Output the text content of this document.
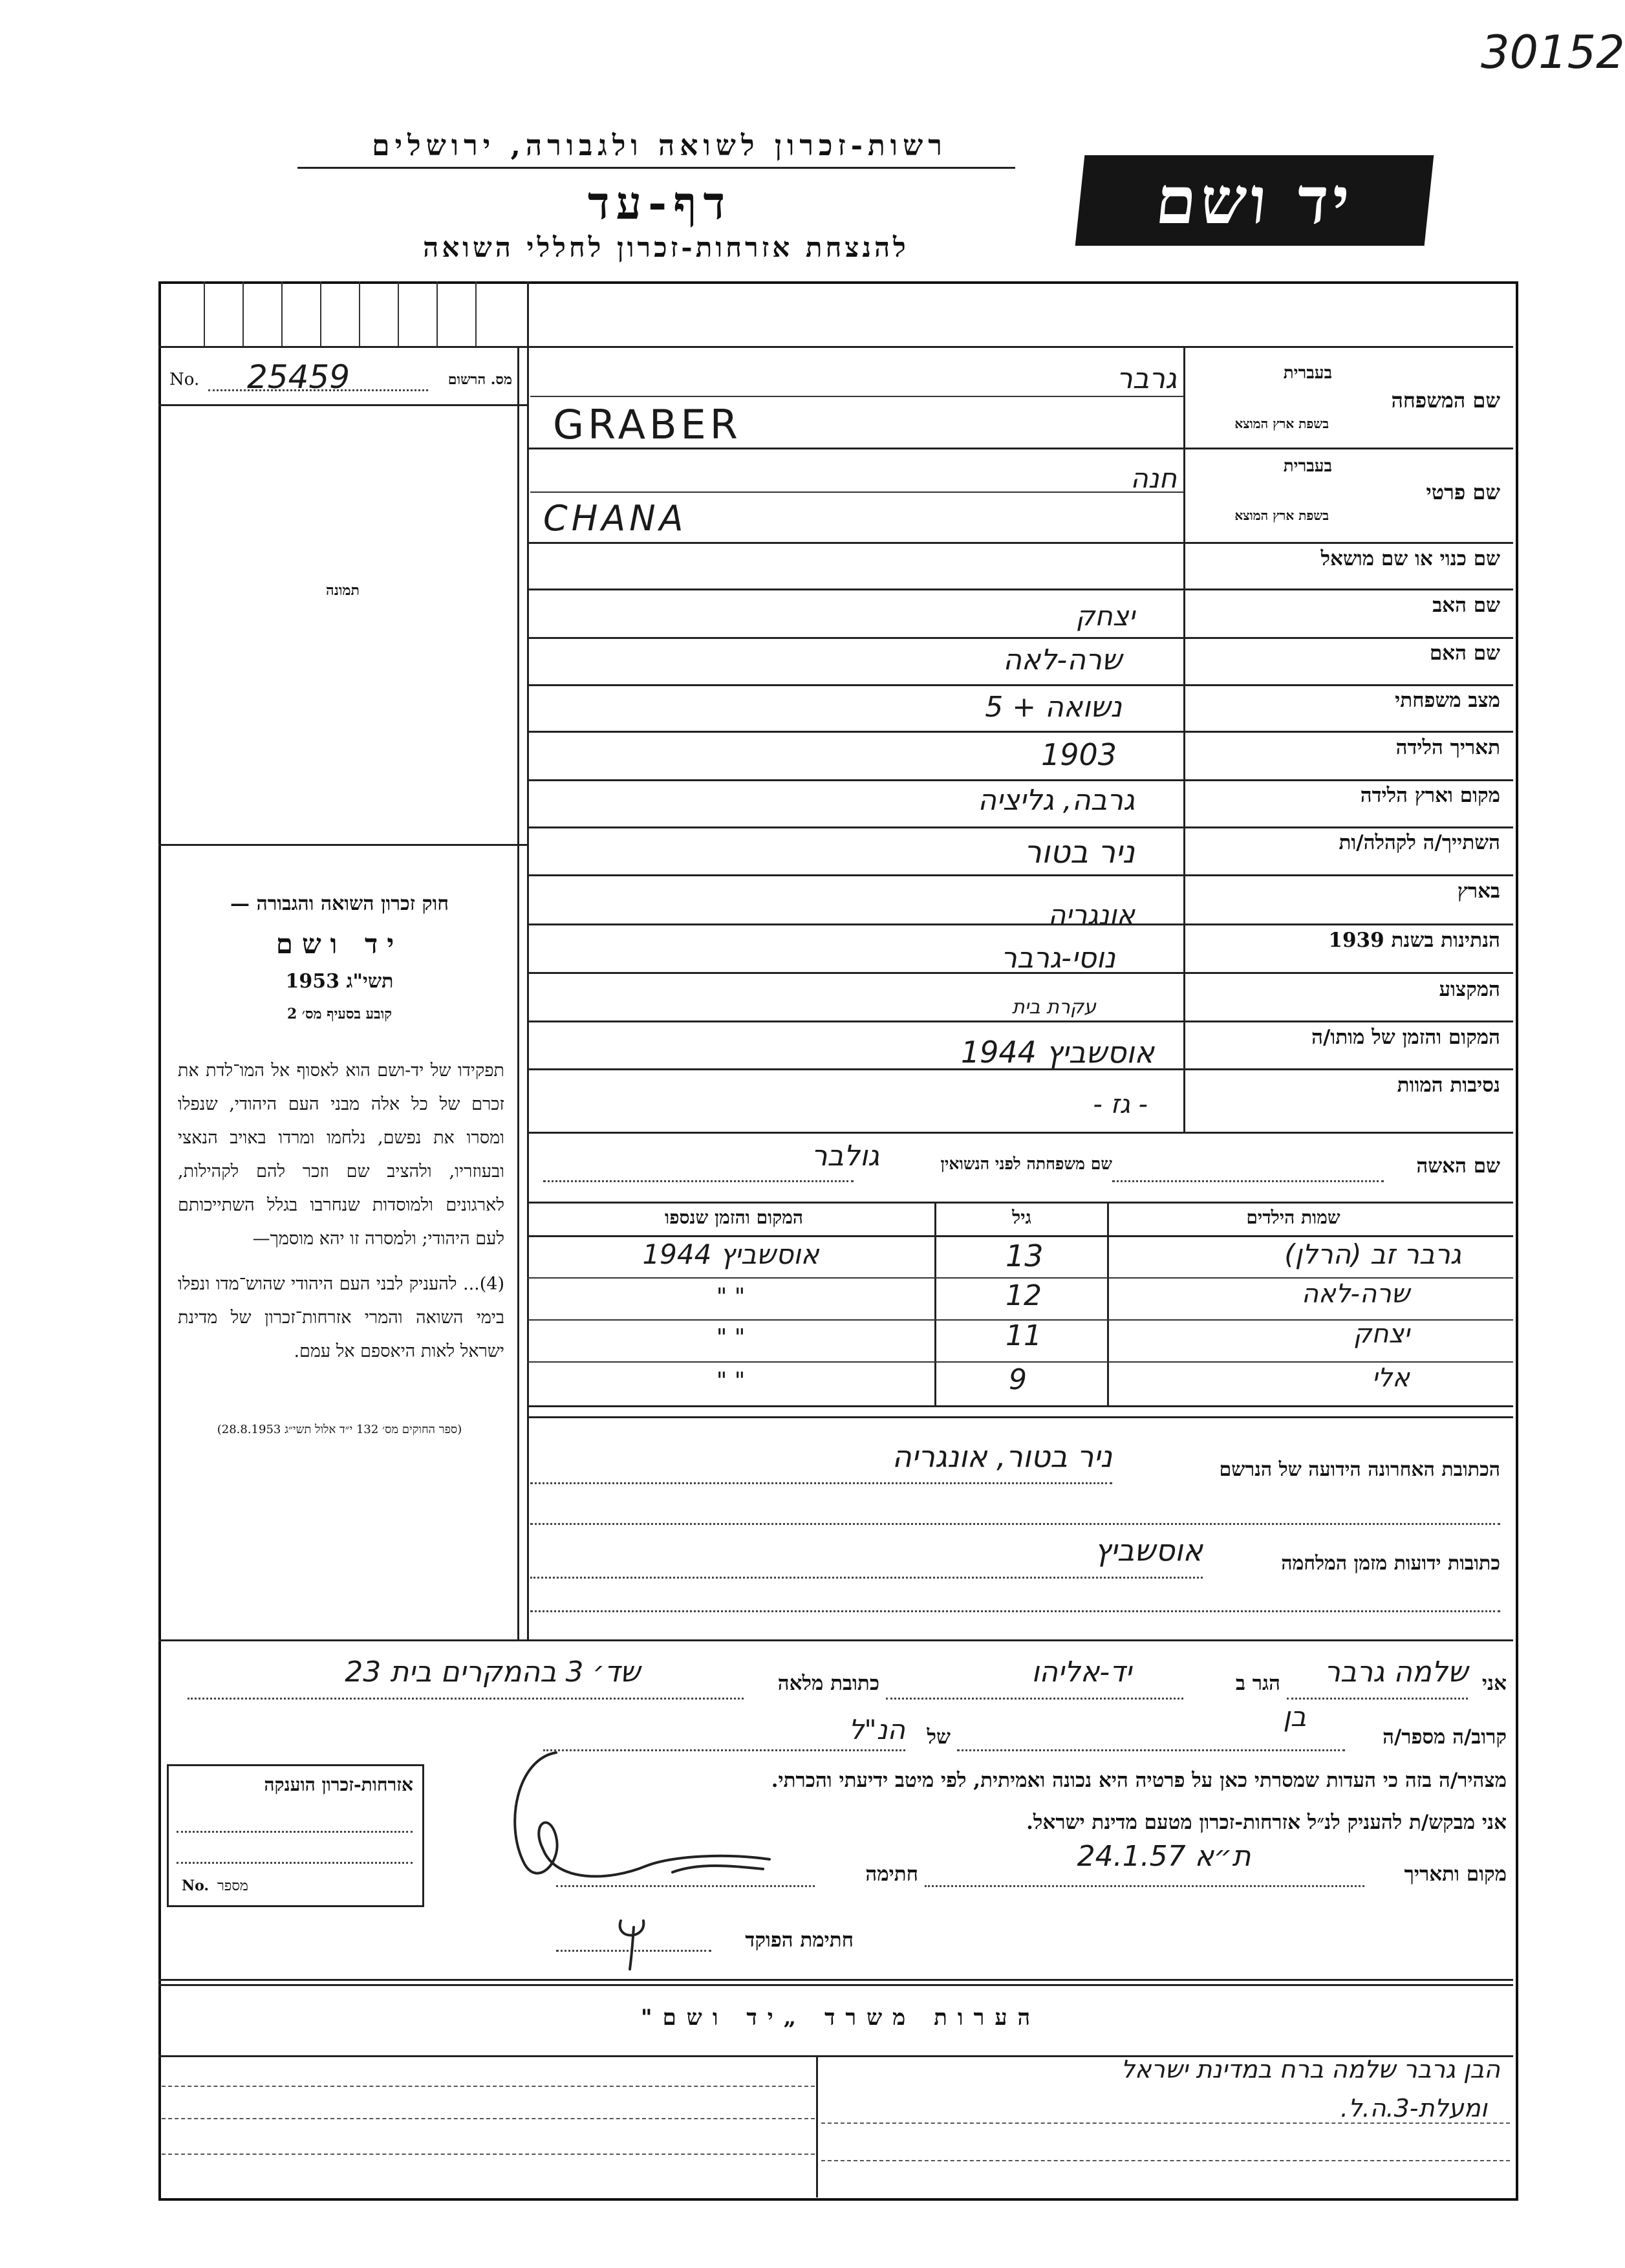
30152
רשות-זכרון לשואה ולגבורה, ירושלים
דף-עד
להנצחת אזרחות-זכרון לחללי השואה
יד ושם
No. 25459	מס. הרשום
תמונה
חוק זכרון השואה והגבורה —
יד ושם
תשי"ג 1953
קובע בסעיף מס׳ 2
תפקידו של יד-ושם הוא לאסוף אל המו־לדת את זכרם של כל אלה מבני העם היהודי, שנפלו ומסרו את נפשם, נלחמו ומרדו באויב הנאצי ובעוזריו, ולהציב שם וזכר להם לקהילות, לארגונים ולמוסדות שנחרבו בגלל השתייכותם לעם היהודי; ולמסרה זו יהא מוסמך—
(4)... להעניק לבני העם היהודי שהוש־מדו ונפלו בימי השואה והמרי אזרחות־זכרון של מדינת ישראל לאות היאספם אל עמם.
(ספר החוקים מס׳ 132 י״ד אלול תשי״ג 28.8.1953)
שם המשפחה
בעברית
בשפת ארץ המוצא
גרבר
GRABER
שם פרטי
בעברית
בשפת ארץ המוצא
חנה
CHANA
שם כנוי או שם מושאל
שם האב
יצחק
שם האם
שרה-לאה
מצב משפחתי
נשואה + 5
תאריך הלידה
1903
מקום וארץ הלידה
גרבה, גליציה
השתייך/ה לקהלה/ות
ניר בטור
בארץ
אונגריה
הנתינות בשנת 1939
נוסי-גרבר
המקצוע
עקרת בית
המקום והזמן של מותו/ה
אוסשביץ 1944
נסיבות המוות
- גז -
שם האשה
שם משפחתה לפני הנשואין
גולבר
שמות הילדים
גיל
המקום והזמן שנספו
גרבר זב (הרלן)
13
אוסשביץ 1944
שרה-לאה
12
" "
יצחק
11
" "
אלי
9
" "
הכתובת האחרונה הידועה של הנרשם
ניר בטור, אונגריה
כתובות ידועות מזמן המלחמה
אוסשביץ
אני
שלמה גרבר
הגר ב
יד-אליהו
כתובת מלאה
שד׳ 3 בהמקרים בית 23
קרוב/ה מספר/ה
בן
של
הנ"ל
מצהיר/ה בזה כי העדות שמסרתי כאן על פרטיה היא נכונה ואמיתית, לפי מיטב ידיעתי והכרתי.
אני מבקש/ת להעניק לנ״ל אזרחות-זכרון מטעם מדינת ישראל.
מקום ותאריך
ת״א 24.1.57
חתימה
חתימת הפוקד
אזרחות-זכרון הוענקה
No. מספר
הערות משרד „יד ושם"
הבן גרבר שלמה ברח במדינת ישראל
ומעלת-3.ה.ל.
